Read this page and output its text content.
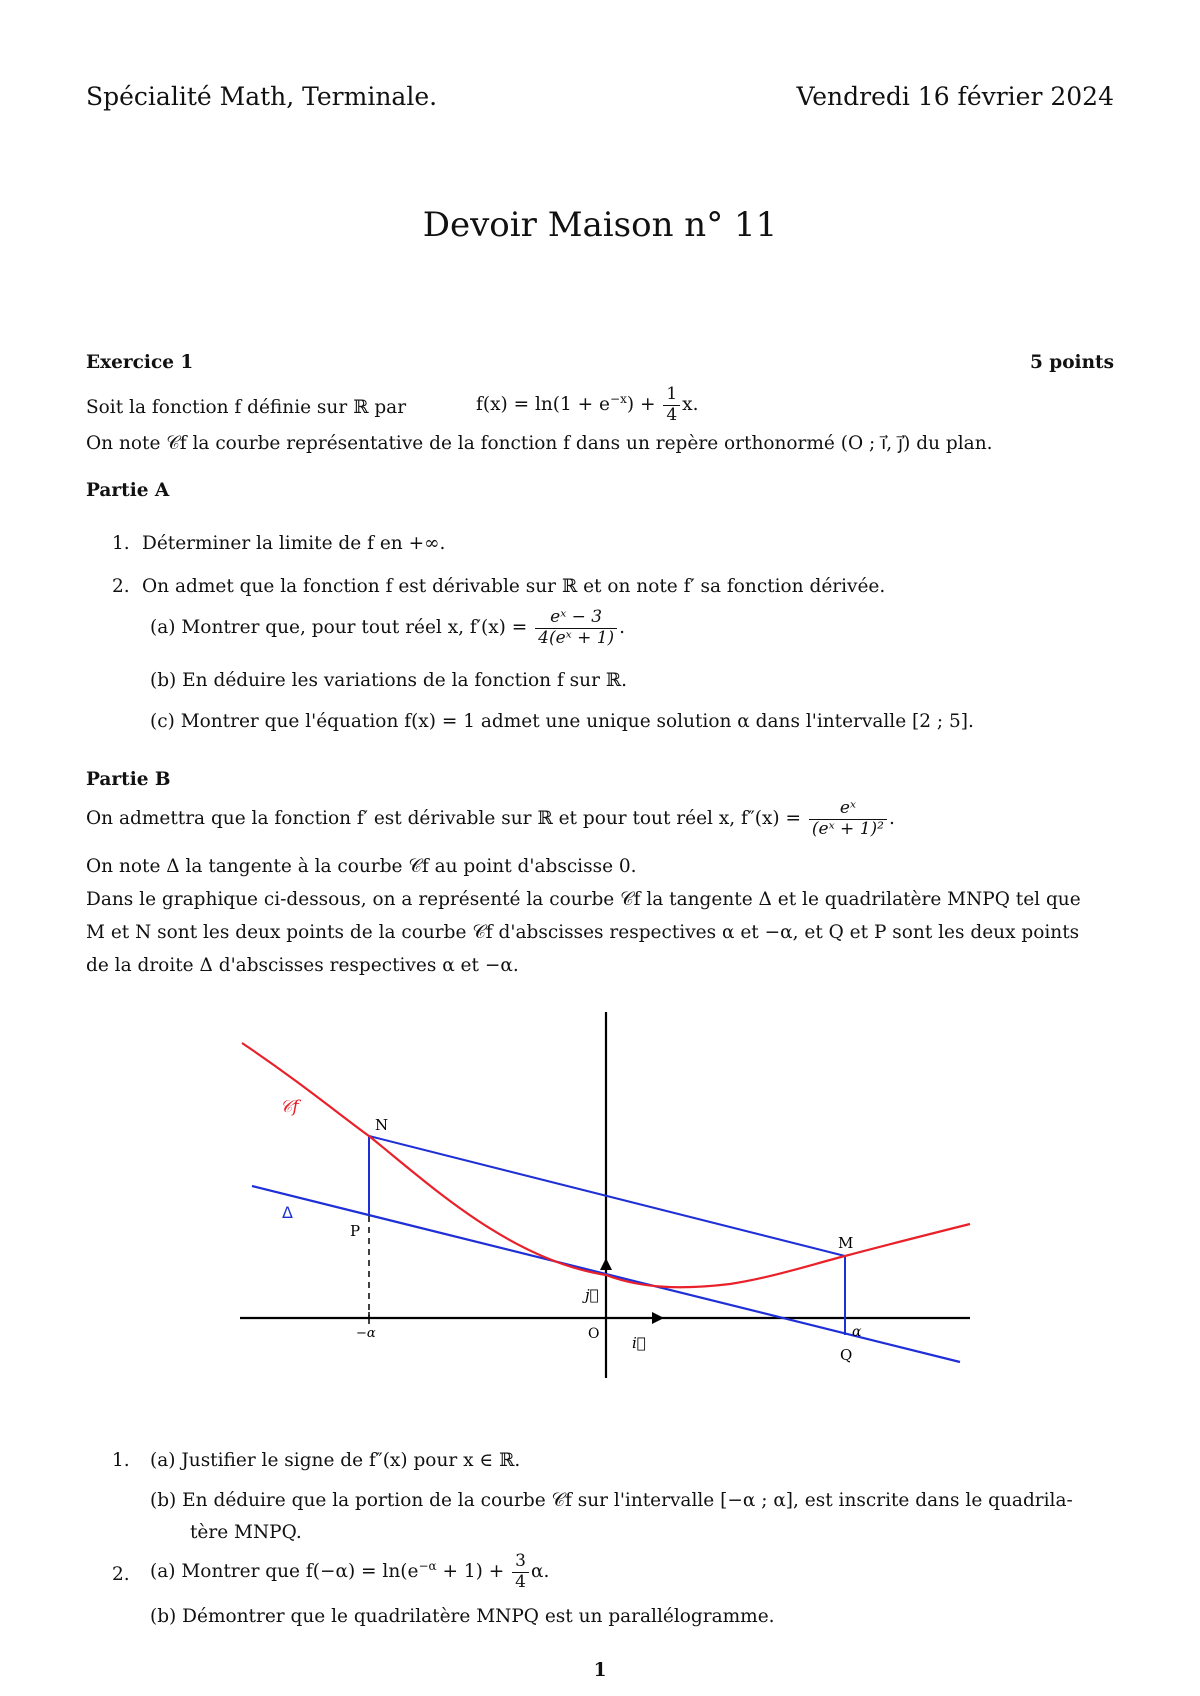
Spécialité Math, Terminale.	Vendredi 16 février 2024
Devoir Maison n° 11
Exercice 1	5 points
Soit la fonction f définie sur ℝ par	$f(x) = \ln(1 + e^{-x}) + \frac{1}{4} x$.
On note 𝒞f la courbe représentative de la fonction f dans un repère orthonormé (O ; i⃗, j⃗) du plan.
Partie A
1. Déterminer la limite de f en +∞.
2. On admet que la fonction f est dérivable sur ℝ et on note f′ sa fonction dérivée.
(a) Montrer que, pour tout réel x, $f'(x) = \frac{\text{eˣ − 3}}{\text{4(eˣ + 1)}}$ .
(b) En déduire les variations de la fonction f sur ℝ.
(c) Montrer que l'équation f(x) = 1 admet une unique solution α dans l'intervalle [2 ; 5].
Partie B
On admettra que la fonction f′ est dérivable sur ℝ et pour tout réel x, $f''(x) = \frac{\text{eˣ}}{\text{(eˣ + 1)²}}$ .
On note Δ la tangente à la courbe 𝒞f au point d'abscisse 0.
Dans le graphique ci-dessous, on a représenté la courbe 𝒞f la tangente Δ et le quadrilatère MNPQ tel que
M et N sont les deux points de la courbe 𝒞f d'abscisses respectives α et −α, et Q et P sont les deux points
de la droite Δ d'abscisses respectives α et −α.
𝒞f
Δ
N
P
M
Q
O i⃗
j⃗
−α	α
1. (a) Justifier le signe de f″(x) pour x ∈ ℝ.
(b) En déduire que la portion de la courbe 𝒞f sur l'intervalle [−α ; α], est inscrite dans le quadrila-
tère MNPQ.
2. (a) Montrer que $f(-\alpha) = \ln(e^{-\alpha} + 1) + \frac{3}{4} \alpha$.
(b) Démontrer que le quadrilatère MNPQ est un parallélogramme.
1
